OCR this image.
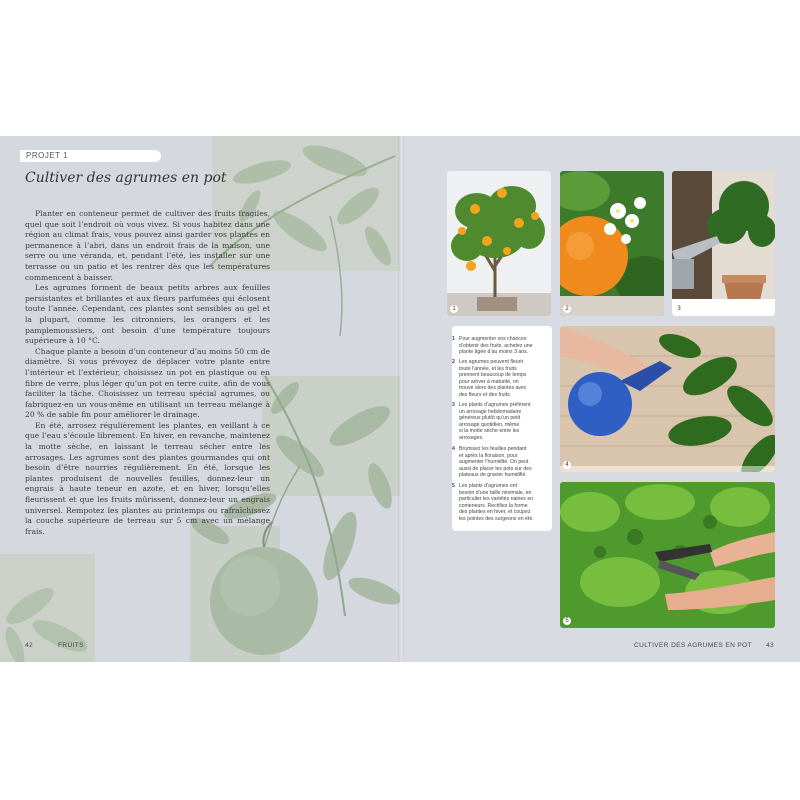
PROJET 1
Cultiver des agrumes en pot

Planter en conteneur permet de cultiver des fruits fragiles, quel que soit l’endroit où vous vivez. Si vous habitez dans une région au climat frais, vous pouvez ainsi garder vos plantes en permanence à l’abri, dans un endroit frais de la maison, une serre ou une véranda, et, pendant l’été, les installer sur une terrasse ou un patio et les rentrer dès que les températures commencent à baisser.

Les agrumes forment de beaux petits arbres aux feuilles persistantes et brillantes et aux fleurs parfumées qui éclosent toute l’année. Cependant, ces plantes sont sensibles au gel et la plupart, comme les citronniers, les orangers et les pamplemoussiers, ont besoin d’une température toujours supérieure à 10 °C.

Chaque plante a besoin d’un conteneur d’au moins 50 cm de diamètre. Si vous prévoyez de déplacer votre plante entre l’intérieur et l’extérieur, choisissez un pot en plastique ou en fibre de verre, plus léger qu’un pot en terre cuite, afin de vous faciliter la tâche. Choisissez un terreau spécial agrumes, ou fabriquez-en un vous-même en utilisant un terreau mélangé à 20 % de sable fin pour améliorer le drainage.

En été, arrosez régulièrement les plantes, en veillant à ce que l’eau s’écoule librement. En hiver, en revanche, maintenez la motte sèche, en laissant le terreau sécher entre les arrosages. Les agrumes sont des plantes gourmandes qui ont besoin d’être nourries régulièrement. En été, lorsque les plantes produisent de nouvelles feuilles, donnez-leur un engrais à haute teneur en azote, et en hiver, lorsqu’elles fleurissent et que les fruits mûrissent, donnez-leur un engrais universel. Rempotez les plantes au printemps ou rafraîchissez la couche supérieure de terreau sur 5 cm avec un mélange frais.

42	FRUITS
1	2	3
4
5
1 Pour augmenter vos chances
d’obtenir des fruits, achetez une
plante âgée d’au moins 3 ans.
2 Les agrumes peuvent fleurir
toute l’année, et les fruits
prennent beaucoup de temps
pour arriver à maturité, on
trouve alors des plantes avec
des fleurs et des fruits.
3 Les plants d’agrumes préfèrent
un arrosage hebdomadaire
généreux plutôt qu’un petit
arrosage quotidien, même
si la motte sèche entre les
arrosages.
4 Brumisez les feuilles pendant
et après la floraison, pour
augmenter l’humidité. On peut
aussi de placer les pots sur des
plateaux de gravier humidifié.
5 Les plants d’agrumes ont
besoin d’une taille minimale, en
particulier les variétés naines en
conteneurs. Rectifiez la forme
des plantes en hiver, et coupez
les pointes des surgeons en été.
CULTIVER DES AGRUMES EN POT 43
